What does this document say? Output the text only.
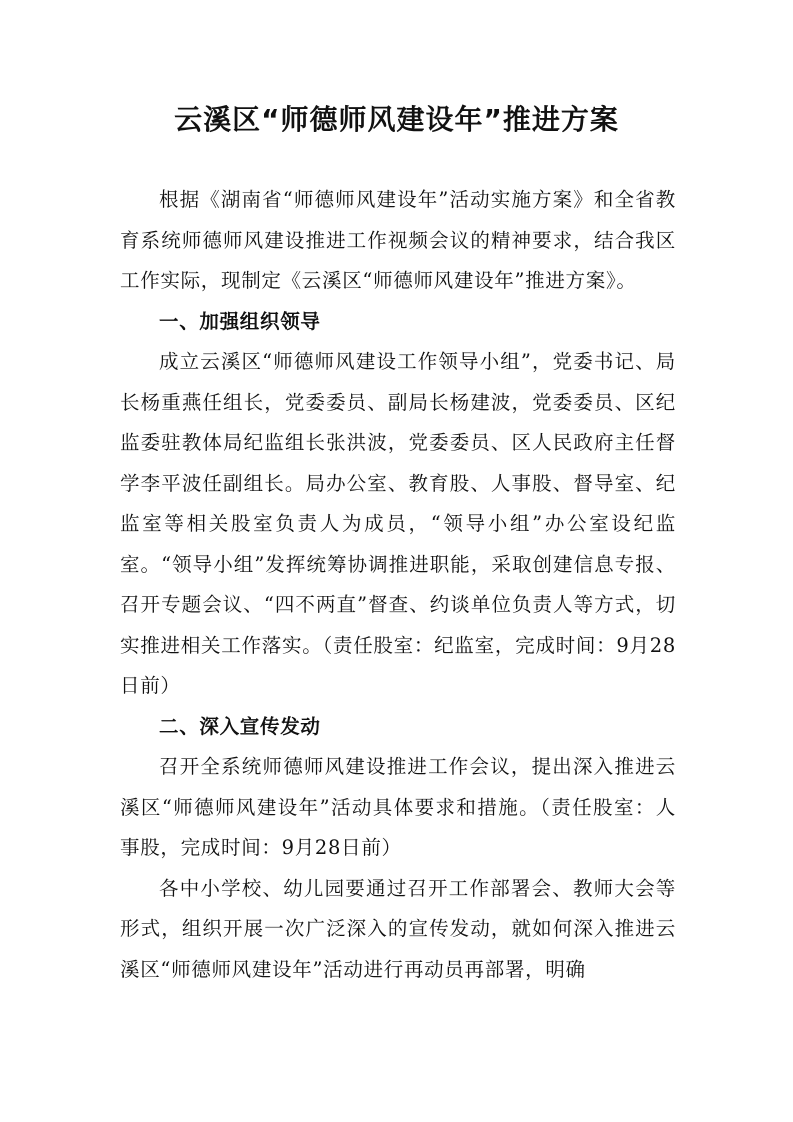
云溪区“师德师风建设年”推进方案

根据《湖南省“师德师风建设年”活动实施方案》和全省教育系统师德师风建设推进工作视频会议的精神要求，结合我区工作实际，现制定《云溪区“师德师风建设年”推进方案》。

一、加强组织领导

成立云溪区“师德师风建设工作领导小组”，党委书记、局长杨重燕任组长，党委委员、副局长杨建波，党委委员、区纪监委驻教体局纪监组长张洪波，党委委员、区人民政府主任督学李平波任副组长。局办公室、教育股、人事股、督导室、纪监室等相关股室负责人为成员，“领导小组”办公室设纪监室。“领导小组”发挥统筹协调推进职能，采取创建信息专报、召开专题会议、“四不两直”督查、约谈单位负责人等方式，切实推进相关工作落实。（责任股室：纪监室，完成时间：9月28日前）

二、深入宣传发动

召开全系统师德师风建设推进工作会议，提出深入推进云溪区“师德师风建设年”活动具体要求和措施。（责任股室：人事股，完成时间：9月28日前）

各中小学校、幼儿园要通过召开工作部署会、教师大会等形式，组织开展一次广泛深入的宣传发动，就如何深入推进云溪区“师德师风建设年”活动进行再动员再部署，明确
